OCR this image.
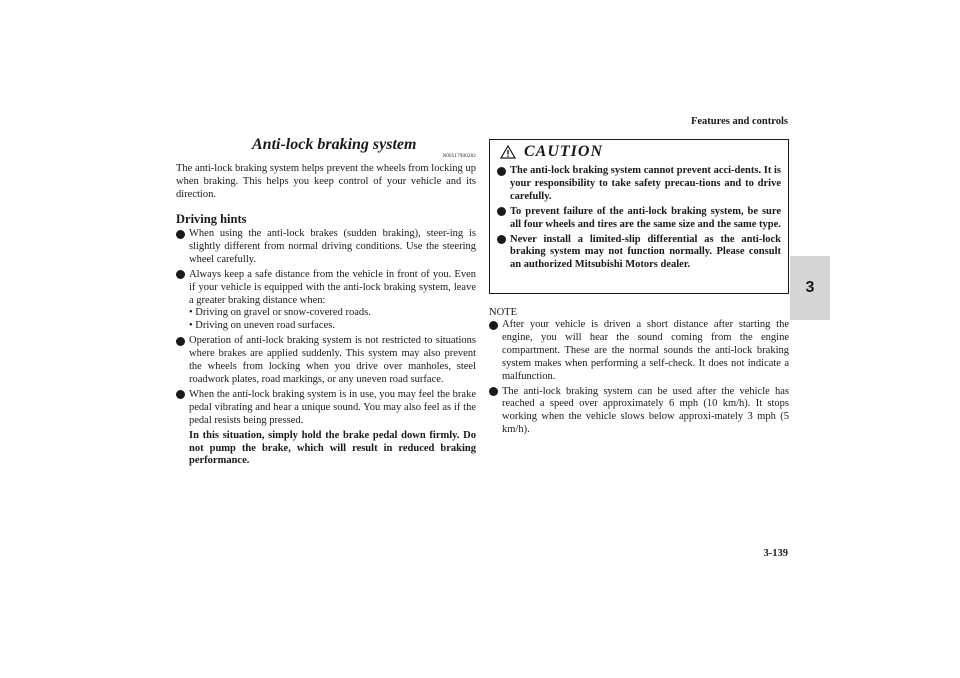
Features and controls
3
Anti-lock braking system
N00517900282
The anti-lock braking system helps prevent the wheels from locking up when braking. This helps you keep control of your vehicle and its direction.
Driving hints
When using the anti-lock brakes (sudden braking), steer-ing is slightly different from normal driving conditions. Use the steering wheel carefully.
Always keep a safe distance from the vehicle in front of you. Even if your vehicle is equipped with the anti-lock braking system, leave a greater braking distance when:
• Driving on gravel or snow-covered roads.
• Driving on uneven road surfaces.
Operation of anti-lock braking system is not restricted to situations where brakes are applied suddenly. This system may also prevent the wheels from locking when you drive over manholes, steel roadwork plates, road markings, or any uneven road surface.
When the anti-lock braking system is in use, you may feel the brake pedal vibrating and hear a unique sound. You may also feel as if the pedal resists being pressed.
In this situation, simply hold the brake pedal down firmly. Do not pump the brake, which will result in reduced braking performance.
CAUTION
The anti-lock braking system cannot prevent acci-dents. It is your responsibility to take safety precau-tions and to drive carefully.
To prevent failure of the anti-lock braking system, be sure all four wheels and tires are the same size and the same type.
Never install a limited-slip differential as the anti-lock braking system may not function normally. Please consult an authorized Mitsubishi Motors dealer.
NOTE
After your vehicle is driven a short distance after starting the engine, you will hear the sound coming from the engine compartment. These are the normal sounds the anti-lock braking system makes when performing a self-check. It does not indicate a malfunction.
The anti-lock braking system can be used after the vehicle has reached a speed over approximately 6 mph (10 km/h). It stops working when the vehicle slows below approxi-mately 3 mph (5 km/h).
3-139
